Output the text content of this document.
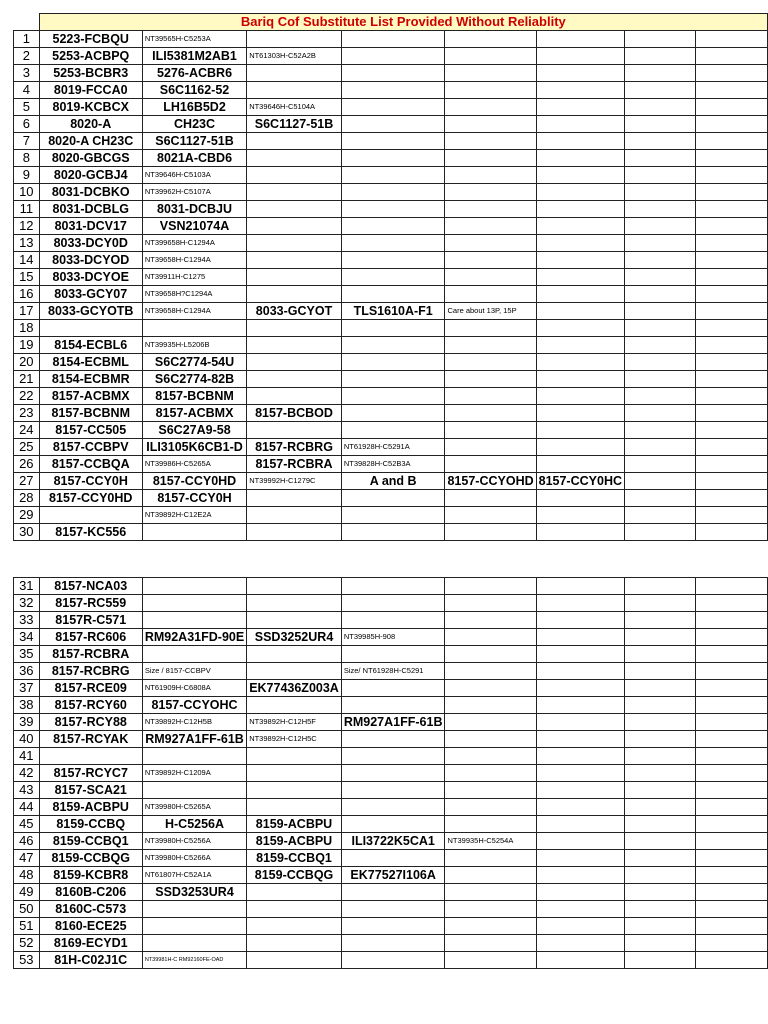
	Bariq Cof Substitute List Provided Without Reliablity							
1	5223-FCBQU	NT39565H-C5253A						
2	5253-ACBPQ	ILI5381M2AB1	NT61303H-C52A2B					
3	5253-BCBR3	5276-ACBR6						
4	8019-FCCA0	S6C1162-52						
5	8019-KCBCX	LH16B5D2	NT39646H-C5104A					
6	8020-A	CH23C	S6C1127-51B					
7	8020-A CH23C	S6C1127-51B						
8	8020-GBCGS	8021A-CBD6						
9	8020-GCBJ4	NT39646H-C5103A						
10	8031-DCBKO	NT39962H-C5107A						
11	8031-DCBLG	8031-DCBJU						
12	8031-DCV17	VSN21074A						
13	8033-DCY0D	NT399658H-C1294A						
14	8033-DCYOD	NT39658H-C1294A						
15	8033-DCYOE	NT39911H-C1275						
16	8033-GCY07	NT39658H?C1294A						
17	8033-GCYOTB	NT39658H-C1294A	8033-GCYOT	TLS1610A-F1	Care about 13P, 15P			
18								
19	8154-ECBL6	NT39935H-L5206B						
20	8154-ECBML	S6C2774-54U						
21	8154-ECBMR	S6C2774-82B						
22	8157-ACBMX	8157-BCBNM						
23	8157-BCBNM	8157-ACBMX	8157-BCBOD					
24	8157-CC505	S6C27A9-58						
25	8157-CCBPV	ILI3105K6CB1-D	8157-RCBRG	NT61928H-C5291A				
26	8157-CCBQA	NT39986H-C5265A	8157-RCBRA	NT39828H-C52B3A				
27	8157-CCY0H	8157-CCY0HD	NT39992H-C1279C	A and B	8157-CCYOHD	8157-CCY0HC		
28	8157-CCY0HD	8157-CCY0H						
29		NT39892H-C12E2A						
30	8157-KC556							

31	8157-NCA03							
32	8157-RC559							
33	8157R-C571							
34	8157-RC606	RM92A31FD-90E	SSD3252UR4	NT39985H-908				
35	8157-RCBRA							
36	8157-RCBRG	Size / 8157-CCBPV		Size/ NT61928H-C5291				
37	8157-RCE09	NT61909H-C6808A	EK77436Z003A					
38	8157-RCY60	8157-CCYOHC						
39	8157-RCY88	NT39892H-C12H5B	NT39892H-C12H5F	RM927A1FF-61B				
40	8157-RCYAK	RM927A1FF-61B	NT39892H-C12H5C					
41								
42	8157-RCYC7	NT39892H-C1209A						
43	8157-SCA21							
44	8159-ACBPU	NT39980H-C5265A						
45	8159-CCBQ	H-C5256A	8159-ACBPU					
46	8159-CCBQ1	NT39980H-C5256A	8159-ACBPU	ILI3722K5CA1	NT39935H-C5254A			
47	8159-CCBQG	NT39980H-C5266A	8159-CCBQ1					
48	8159-KCBR8	NT61807H-C52A1A	8159-CCBQG	EK77527I106A				
49	8160B-C206	SSD3253UR4						
50	8160C-C573							
51	8160-ECE25							
52	8169-ECYD1							
53	81H-C02J1C	NT39981H-C RM92160FE-OAD						
